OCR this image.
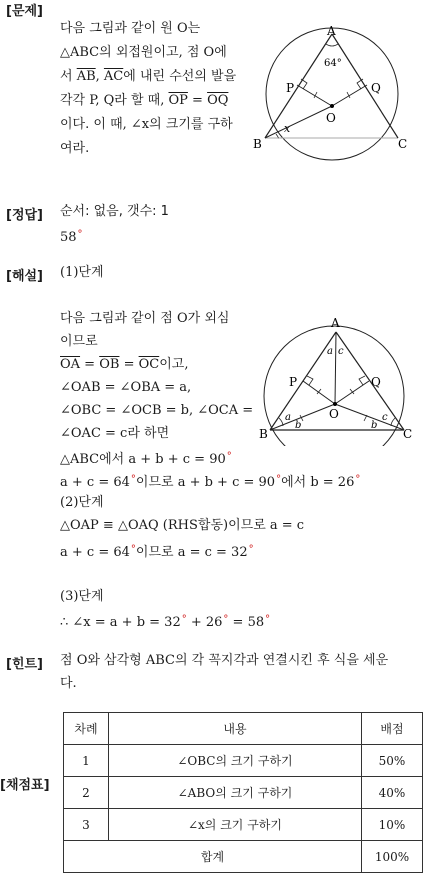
[문제]
다음 그림과 같이 원 O는
△ABC의 외접원이고, 점 O에
서 $\overline{AB}$, $\overline{AC}$에 내린 수선의 발을
각각 P, Q라 할 때, $\overline{OP} = \overline{OQ}$
이다. 이 때, ∠x의 크기를 구하
여라.
A
B	C
O
P	Q
64°
x
[정답] 순서: 없음, 갯수: 1
58°
[해설] (1)단계
다음 그림과 같이 점 O가 외심
이므로
$\overline{OA} = \overline{OB} = \overline{OC}$이고,
∠OAB = ∠OBA = a,
∠OBC = ∠OCB = b, ∠OCA =
∠OAC = c라 하면
△ABC에서 a + b + c = 90°
a + c = 64°이므로 a + b + c = 90°에서 b = 26°
(2)단계
△OAP ≡ △OAQ (RHS합동)이므로 a = c
a + c = 64°이므로 a = c = 32°
(3)단계
∴ ∠x = a + b = 32° + 26° = 58°
A
B	C
O
P	Q
a c
a
b	b
c
[힌트] 점 O와 삼각형 ABC의 각 꼭지각과 연결시킨 후 식을 세운
다.
[채점표]
차례	내용	배점
1	∠OBC의 크기 구하기	50%
2	∠ABO의 크기 구하기	40%
3	∠x의 크기 구하기	10%
합계		100%
